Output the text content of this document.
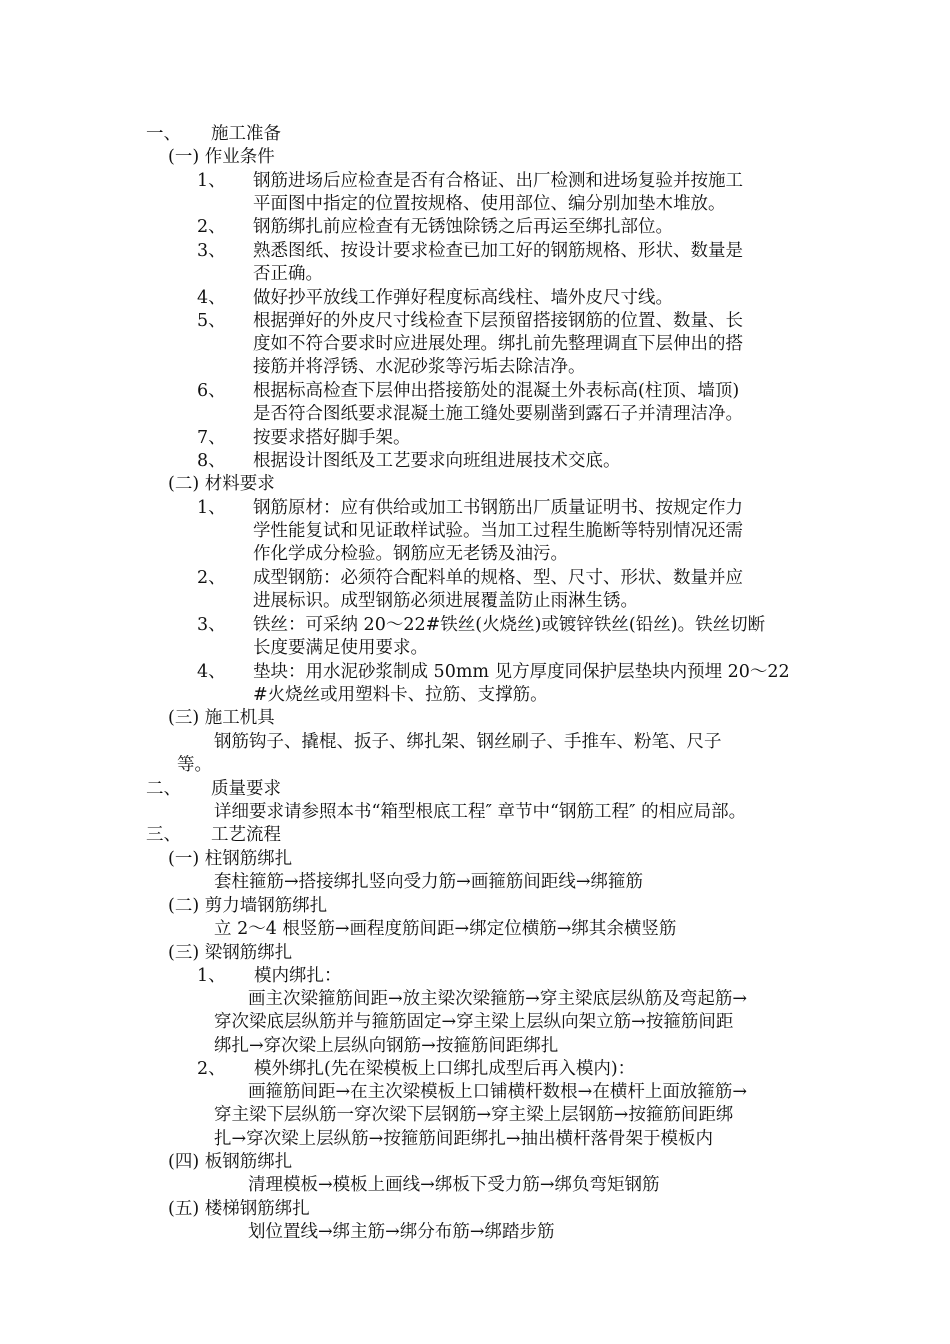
一、 施工准备
(一) 作业条件
1、 钢筋进场后应检查是否有合格证、出厂检测和进场复验并按施工
平面图中指定的位置按规格、使用部位、编分别加垫木堆放。
2、 钢筋绑扎前应检查有无锈蚀除锈之后再运至绑扎部位。
3、 熟悉图纸、按设计要求检查已加工好的钢筋规格、形状、数量是
否正确。
4、 做好抄平放线工作弹好程度标高线柱、墙外皮尺寸线。
5、 根据弹好的外皮尺寸线检查下层预留搭接钢筋的位置、数量、长
度如不符合要求时应进展处理。绑扎前先整理调直下层伸出的搭
接筋并将浮锈、水泥砂浆等污垢去除洁净。
6、 根据标高检查下层伸出搭接筋处的混凝土外表标高(柱顶、墙顶)
是否符合图纸要求混凝土施工缝处要剔凿到露石子并清理洁净。
7、 按要求搭好脚手架。
8、 根据设计图纸及工艺要求向班组进展技术交底。
(二) 材料要求
1、 钢筋原材：应有供给或加工书钢筋出厂质量证明书、按规定作力
学性能复试和见证敢样试验。当加工过程生脆断等特别情况还需
作化学成分检验。钢筋应无老锈及油污。
2、 成型钢筋：必须符合配料单的规格、型、尺寸、形状、数量并应
进展标识。成型钢筋必须进展覆盖防止雨淋生锈。
3、 铁丝：可采纳 20～22#铁丝(火烧丝)或镀锌铁丝(铅丝)。铁丝切断
长度要满足使用要求。
4、 垫块：用水泥砂浆制成 50mm 见方厚度同保护层垫块内预埋 20～22
#火烧丝或用塑料卡、拉筋、支撑筋。
(三) 施工机具
钢筋钩子、撬棍、扳子、绑扎架、钢丝刷子、手推车、粉笔、尺子
等。
二、 质量要求
详细要求请参照本书“箱型根底工程″ 章节中“钢筋工程″ 的相应局部。
三、 工艺流程
(一) 柱钢筋绑扎
套柱箍筋→搭接绑扎竖向受力筋→画箍筋间距线→绑箍筋
(二) 剪力墙钢筋绑扎
立 2～4 根竖筋→画程度筋间距→绑定位横筋→绑其余横竖筋
(三) 梁钢筋绑扎
1、 模内绑扎：
画主次梁箍筋间距→放主梁次梁箍筋→穿主梁底层纵筋及弯起筋→
穿次梁底层纵筋并与箍筋固定→穿主梁上层纵向架立筋→按箍筋间距
绑扎→穿次梁上层纵向钢筋→按箍筋间距绑扎
2、 模外绑扎(先在梁模板上口绑扎成型后再入模内)：
画箍筋间距→在主次梁模板上口铺横杆数根→在横杆上面放箍筋→
穿主梁下层纵筋一穿次梁下层钢筋→穿主梁上层钢筋→按箍筋间距绑
扎→穿次梁上层纵筋→按箍筋间距绑扎→抽出横杆落骨架于模板内
(四) 板钢筋绑扎
清理模板→模板上画线→绑板下受力筋→绑负弯矩钢筋
(五) 楼梯钢筋绑扎
划位置线→绑主筋→绑分布筋→绑踏步筋
